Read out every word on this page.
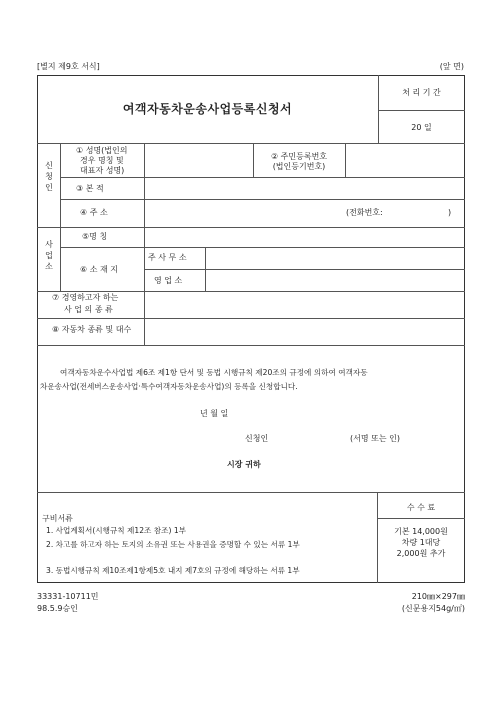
[별지 제9호 서식]	(앞 면)
여객자동차운송사업등록신청서
처 리 기 간
20 일
신청인
① 성명(법인의
경우 명칭 및
대표자 성명)
② 주민등록번호
(법인등기번호)
③ 본 적
④ 주 소	(전화번호:	)
사업소
⑤명 칭
⑥ 소 재 지
주 사 무 소
영 업 소
⑦ 경영하고자 하는
사 업 의 종 류
⑧ 자동차 종류 및 대수
여객자동차운수사업법 제6조 제1항 단서 및 동법 시행규칙 제20조의 규정에 의하여 여객자동
차운송사업(전세버스운송사업·특수여객자동차운송사업)의 등록을 신청합니다.
년 월 일
신청인	(서명 또는 인)
시장 귀하
구비서류
1. 사업계획서(시행규칙 제12조 참조) 1부
2. 차고를 하고자 하는 토지의 소유권 또는 사용권을 증명할 수 있는 서류 1부
3. 동법시행규칙 제10조제1항제5호 내지 제7호의 규정에 해당하는 서류 1부
수 수 료
기본 14,000원
차량 1대당
2,000원 추가
33331-10711민
98.5.9승인
210㎜×297㎜
(신문용지54g/㎡)
